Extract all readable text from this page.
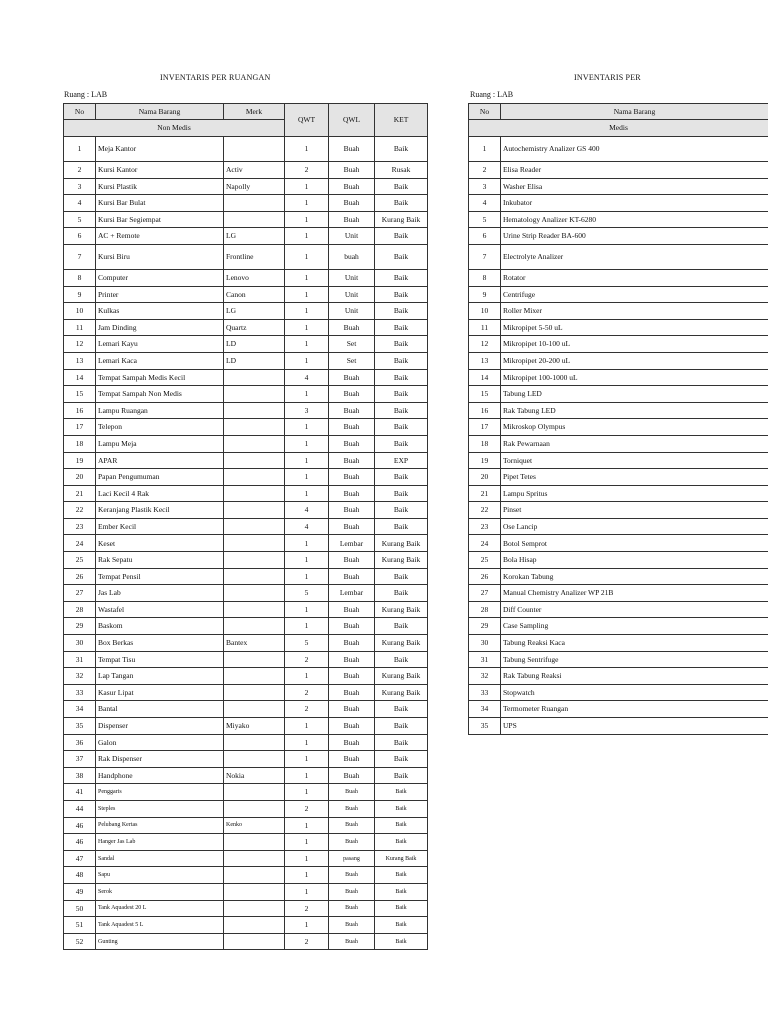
INVENTARIS PER RUANGAN
Ruang : LAB
No	Nama Barang	Merk	QWT	QWL	KET
Non Medis					
1	Meja Kantor		1	Buah	Baik
2	Kursi Kantor	Activ	2	Buah	Rusak
3	Kursi Plastik	Napolly	1	Buah	Baik
4	Kursi Bar Bulat		1	Buah	Baik
5	Kursi Bar Segiempat		1	Buah	Kurang Baik
6	AC + Remote	LG	1	Unit	Baik
7	Kursi Biru	Frontline	1	buah	Baik
8	Computer	Lenovo	1	Unit	Baik
9	Printer	Canon	1	Unit	Baik
10	Kulkas	LG	1	Unit	Baik
11	Jam Dinding	Quartz	1	Buah	Baik
12	Lemari Kayu	LD	1	Set	Baik
13	Lemari Kaca	LD	1	Set	Baik
14	Tempat Sampah Medis Kecil		4	Buah	Baik
15	Tempat Sampah Non Medis		1	Buah	Baik
16	Lampu Ruangan		3	Buah	Baik
17	Telepon		1	Buah	Baik
18	Lampu Meja		1	Buah	Baik
19	APAR		1	Buah	EXP
20	Papan Pengumuman		1	Buah	Baik
21	Laci Kecil 4 Rak		1	Buah	Baik
22	Keranjang Plastik Kecil		4	Buah	Baik
23	Ember Kecil		4	Buah	Baik
24	Keset		1	Lembar	Kurang Baik
25	Rak Sepatu		1	Buah	Kurang Baik
26	Tempat Pensil		1	Buah	Baik
27	Jas Lab		5	Lembar	Baik
28	Wastafel		1	Buah	Kurang Baik
29	Baskom		1	Buah	Baik
30	Box Berkas	Bantex	5	Buah	Kurang Baik
31	Tempat Tisu		2	Buah	Baik
32	Lap Tangan		1	Buah	Kurang Baik
33	Kasur Lipat		2	Buah	Kurang Baik
34	Bantal		2	Buah	Baik
35	Dispenser	Miyako	1	Buah	Baik
36	Galon		1	Buah	Baik
37	Rak Dispenser		1	Buah	Baik
38	Handphone	Nokia	1	Buah	Baik
41	Penggaris		1	Buah	Baik
44	Steples		2	Buah	Baik
46	Pelubang Kertas	Kenko	1	Buah	Baik
46	Hanger Jas Lab		1	Buah	Baik
47	Sandal		1	pasang	Kurang Baik
48	Sapu		1	Buah	Baik
49	Serok		1	Buah	Baik
50	Tank Aquadest 20 L		2	Buah	Baik
51	Tank Aquadest 5 L		1	Buah	Baik
52	Gunting		2	Buah	Baik
INVENTARIS PER
Ruang : LAB
No	Nama Barang
Medis	
1	Autochemistry Analizer GS 400
2	Elisa Reader
3	Washer Elisa
4	Inkubator
5	Hematology Analizer KT-6280
6	Urine Strip Reader BA-600
7	Electrolyte Analizer
8	Rotator
9	Centrifuge
10	Roller Mixer
11	Mikropipet 5-50 uL
12	Mikropipet 10-100 uL
13	Mikropipet 20-200 uL
14	Mikropipet 100-1000 uL
15	Tabung LED
16	Rak Tabung LED
17	Mikroskop Olympus
18	Rak Pewarnaan
19	Torniquet
20	Pipet Tetes
21	Lampu Spritus
22	Pinset
23	Ose Lancip
24	Botol Semprot
25	Bola Hisap
26	Korokan Tabung
27	Manual Chemistry Analizer WP 21B
28	Diff Counter
29	Case Sampling
30	Tabung Reaksi Kaca
31	Tabung Sentrifuge
32	Rak Tabung Reaksi
33	Stopwatch
34	Termometer Ruangan
35	UPS
